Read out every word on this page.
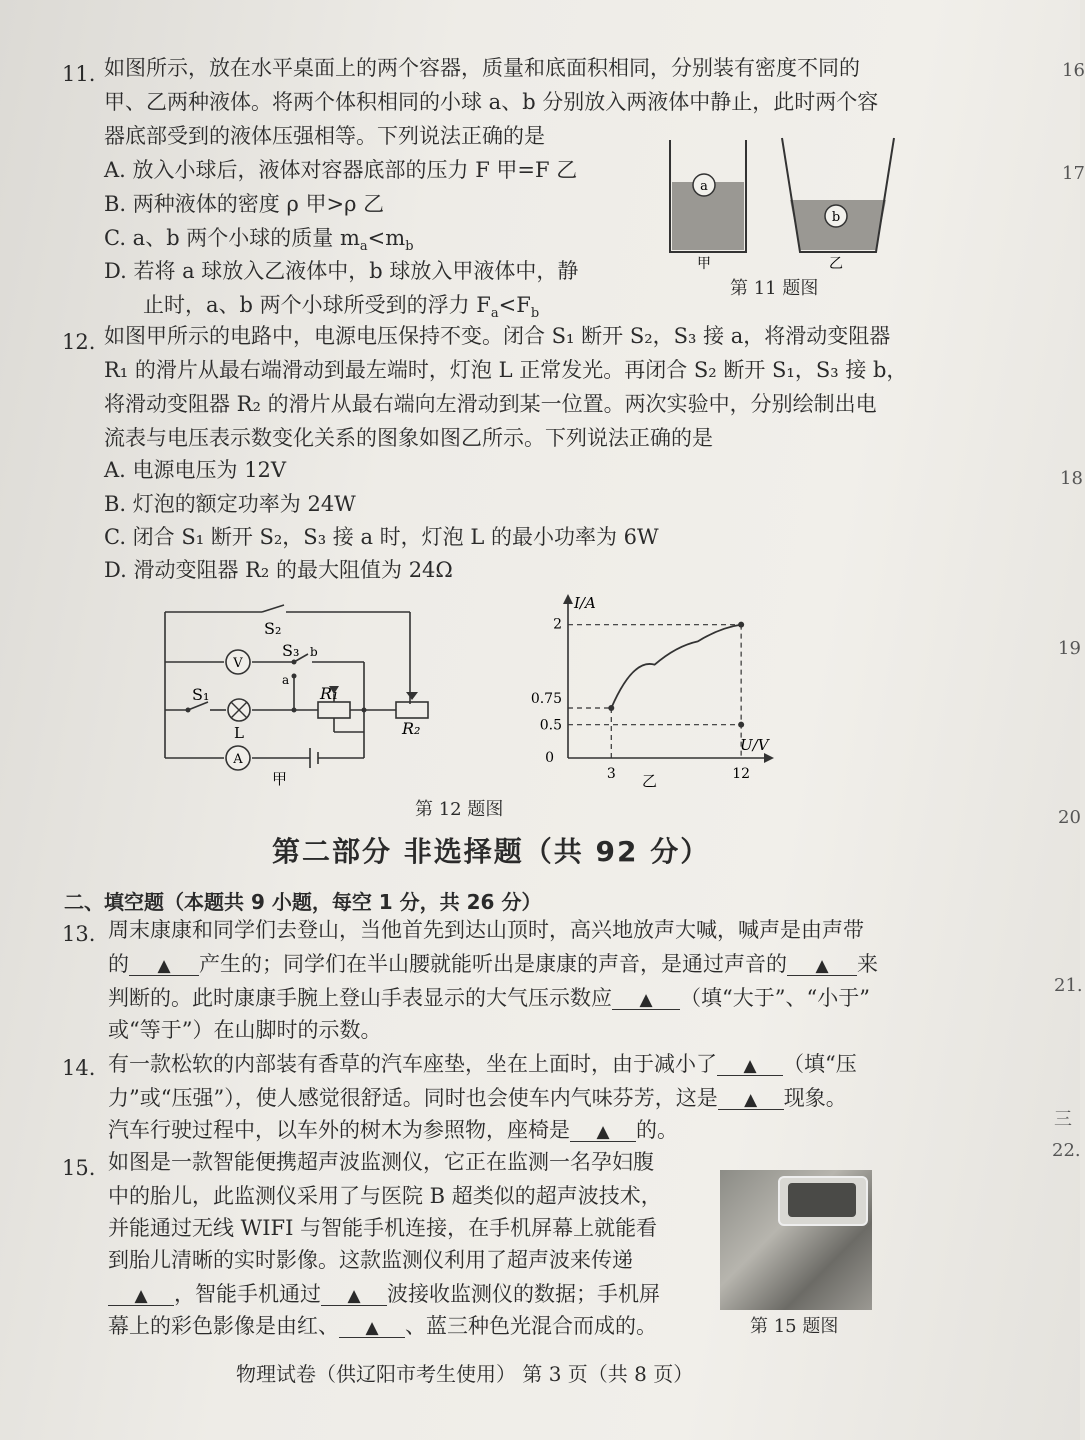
16
17
18
19
20
21.
三
22.
11. 如图所示，放在水平桌面上的两个容器，质量和底面积相同，分别装有密度不同的
甲、乙两种液体。将两个体积相同的小球 a、b 分别放入两液体中静止，此时两个容
器底部受到的液体压强相等。下列说法正确的是
A. 放入小球后，液体对容器底部的压力 F 甲=F 乙
B. 两种液体的密度 ρ 甲>ρ 乙
C. a、b 两个小球的质量 $m_a<m_b$
D. 若将 a 球放入乙液体中，b 球放入甲液体中，静
止时，a、b 两个小球所受到的浮力 $F_a<F_b$
a
b
甲	乙
第 11 题图
12. 如图甲所示的电路中，电源电压保持不变。闭合 S₁ 断开 S₂，S₃ 接 a，将滑动变阻器
R₁ 的滑片从最右端滑动到最左端时，灯泡 L 正常发光。再闭合 S₂ 断开 S₁，S₃ 接 b，
将滑动变阻器 R₂ 的滑片从最右端向左滑动到某一位置。两次实验中，分别绘制出电
流表与电压表示数变化关系的图象如图乙所示。下列说法正确的是
A. 电源电压为 12V
B. 灯泡的额定功率为 24W
C. 闭合 S₁ 断开 S₂，S₃ 接 a 时，灯泡 L 的最小功率为 6W
D. 滑动变阻器 R₂ 的最大阻值为 24Ω
V
A
S₂
S₃ b
a
S₁
L
R₁
R₂
甲
I/A
U/V
0
3	12
0.5
0.75
2
乙
第 12 题图
第二部分 非选择题（共 92 分）
二、填空题（本题共 9 小题，每空 1 分，共 26 分）
13. 周末康康和同学们去登山，当他首先到达山顶时，高兴地放声大喊，喊声是由声带
的 ▲ 产生的；同学们在半山腰就能听出是康康的声音，是通过声音的 ▲ 来
判断的。此时康康手腕上登山手表显示的大气压示数应 ▲ （填“大于”、“小于”
或“等于”）在山脚时的示数。
14. 有一款松软的内部装有香草的汽车座垫，坐在上面时，由于减小了 ▲ （填“压
力”或“压强”），使人感觉很舒适。同时也会使车内气味芬芳，这是 ▲ 现象。
汽车行驶过程中，以车外的树木为参照物，座椅是 ▲ 的。
15. 如图是一款智能便携超声波监测仪，它正在监测一名孕妇腹
中的胎儿，此监测仪采用了与医院 B 超类似的超声波技术，
并能通过无线 WIFI 与智能手机连接，在手机屏幕上就能看
到胎儿清晰的实时影像。这款监测仪利用了超声波来传递
▲ ，智能手机通过 ▲ 波接收监测仪的数据；手机屏
幕上的彩色影像是由红、 ▲ 、蓝三种色光混合而成的。	第 15 题图
物理试卷（供辽阳市考生使用） 第 3 页（共 8 页）
